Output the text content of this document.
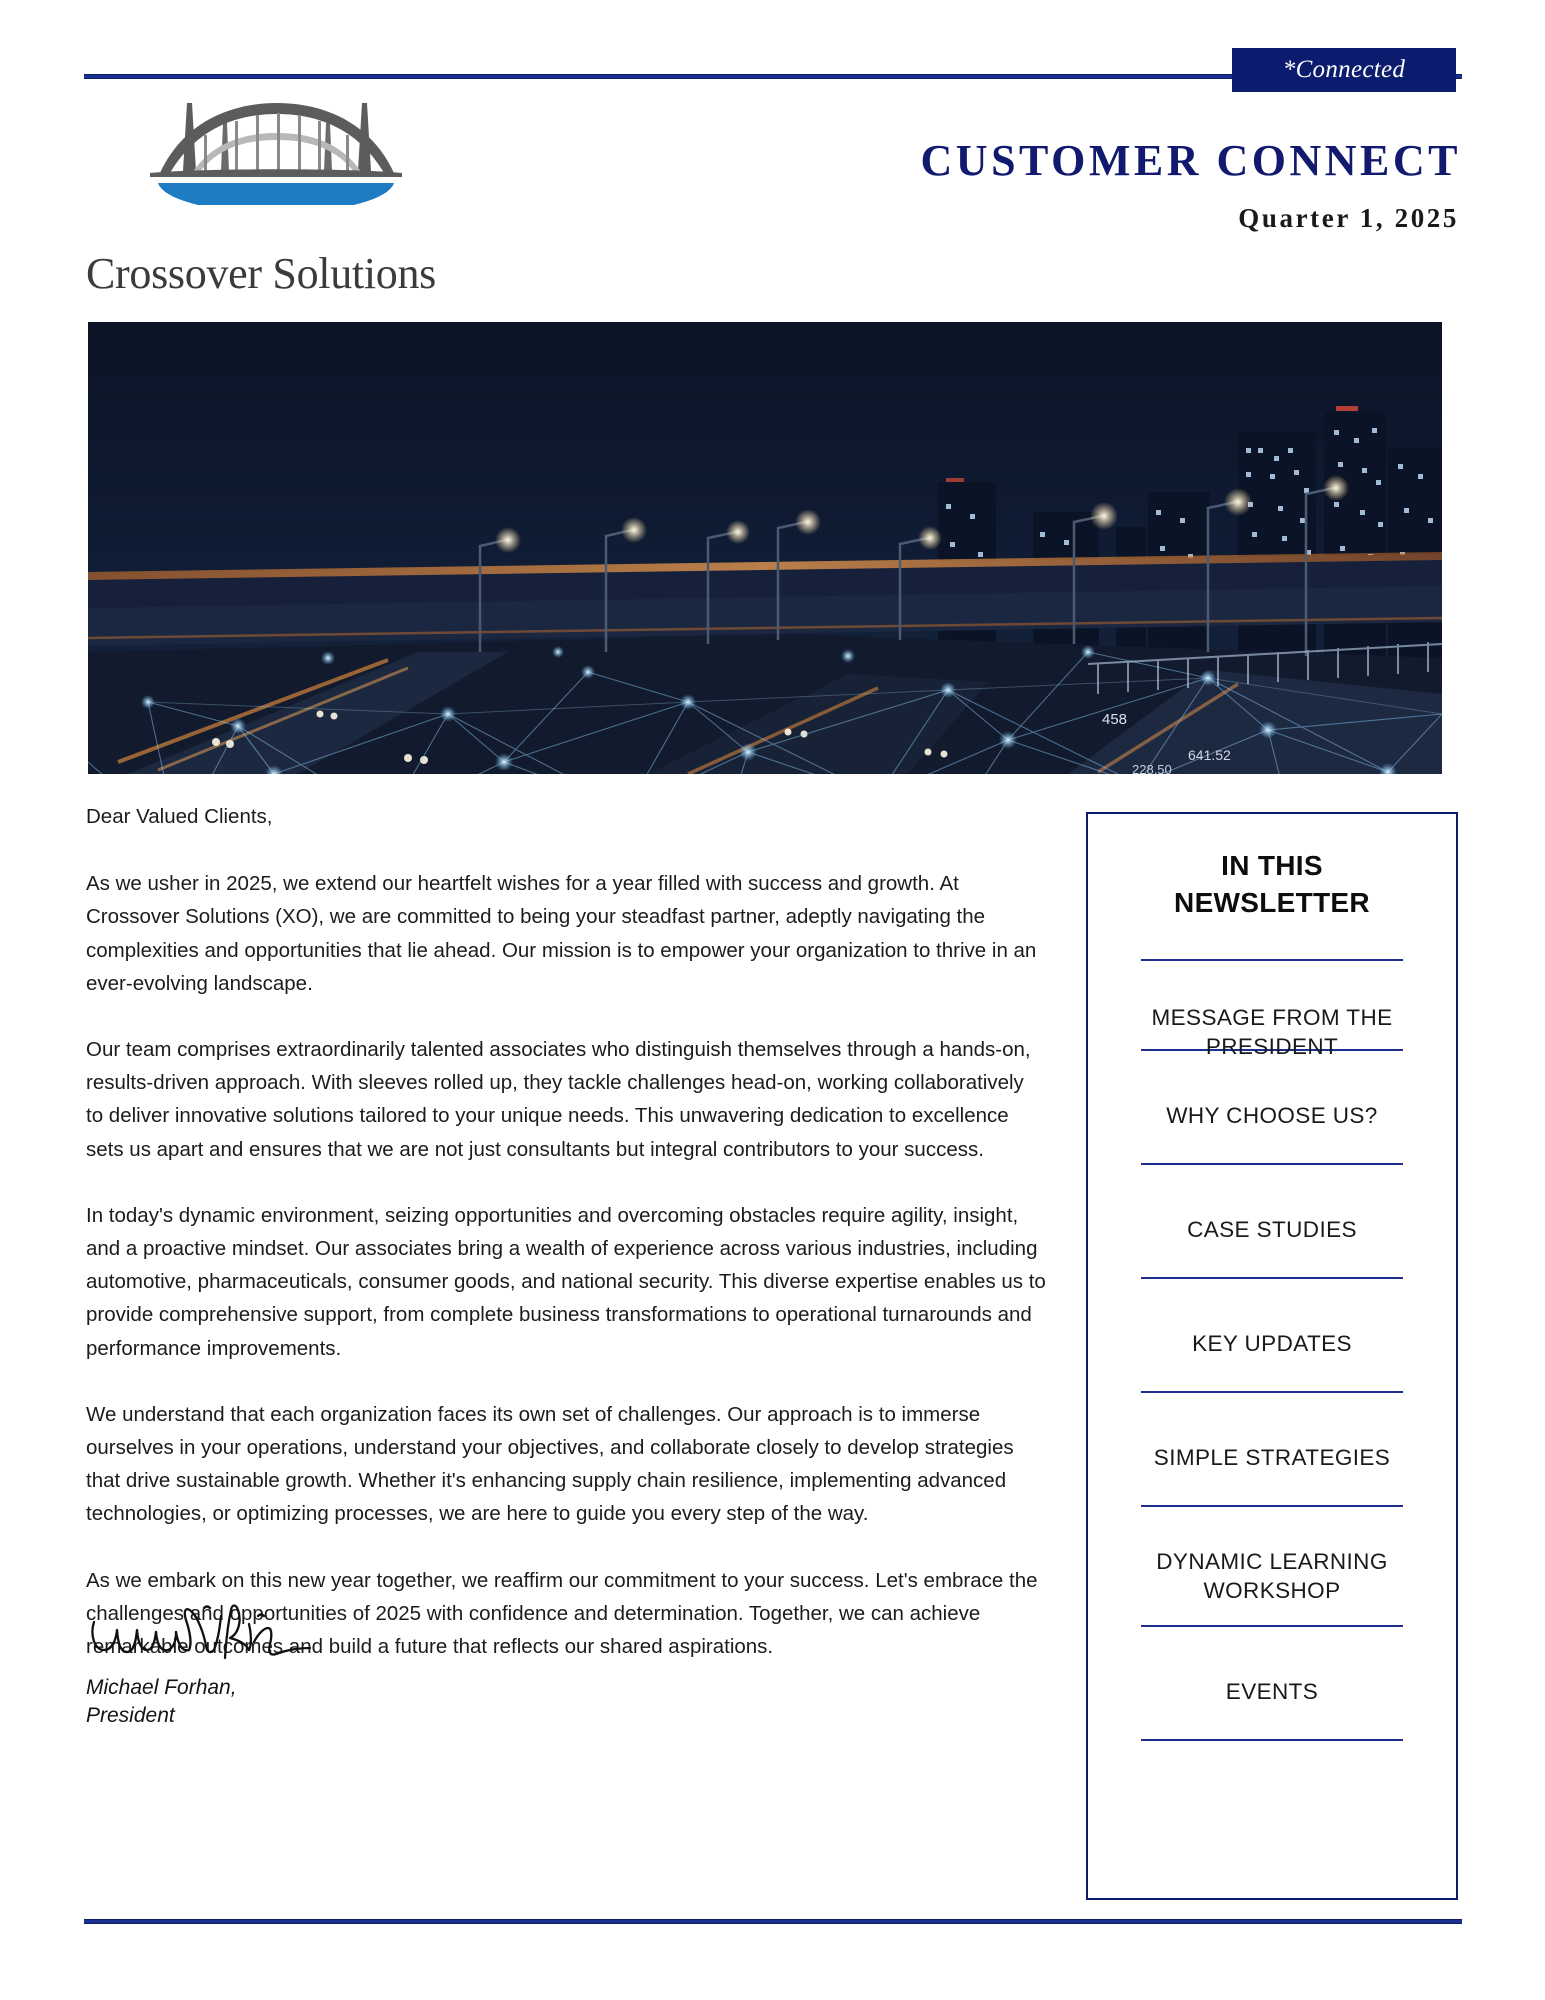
*Connected
Crossover Solutions
CUSTOMER CONNECT
Quarter 1, 2025
458
641.52
228.50

Dear Valued Clients,

As we usher in 2025, we extend our heartfelt wishes for a year filled with success and growth. At Crossover Solutions (XO), we are committed to being your steadfast partner, adeptly navigating the complexities and opportunities that lie ahead. Our mission is to empower your organization to thrive in an ever-evolving landscape.

Our team comprises extraordinarily talented associates who distinguish themselves through a hands-on, results-driven approach. With sleeves rolled up, they tackle challenges head-on, working collaboratively to deliver innovative solutions tailored to your unique needs. This unwavering dedication to excellence sets us apart and ensures that we are not just consultants but integral contributors to your success.

In today's dynamic environment, seizing opportunities and overcoming obstacles require agility, insight, and a proactive mindset. Our associates bring a wealth of experience across various industries, including automotive, pharmaceuticals, consumer goods, and national security. This diverse expertise enables us to provide comprehensive support, from complete business transformations to operational turnarounds and performance improvements.

We understand that each organization faces its own set of challenges. Our approach is to immerse ourselves in your operations, understand your objectives, and collaborate closely to develop strategies that drive sustainable growth. Whether it's enhancing supply chain resilience, implementing advanced technologies, or optimizing processes, we are here to guide you every step of the way.

As we embark on this new year together, we reaffirm our commitment to your success. Let's embrace the challenges and opportunities of 2025 with confidence and determination. Together, we can achieve remarkable outcomes and build a future that reflects our shared aspirations.

Michael Forhan,
President
IN THIS
NEWSLETTER
MESSAGE FROM THE PRESIDENT
WHY CHOOSE US?
CASE STUDIES
KEY UPDATES
SIMPLE STRATEGIES
DYNAMIC LEARNING WORKSHOP
EVENTS
